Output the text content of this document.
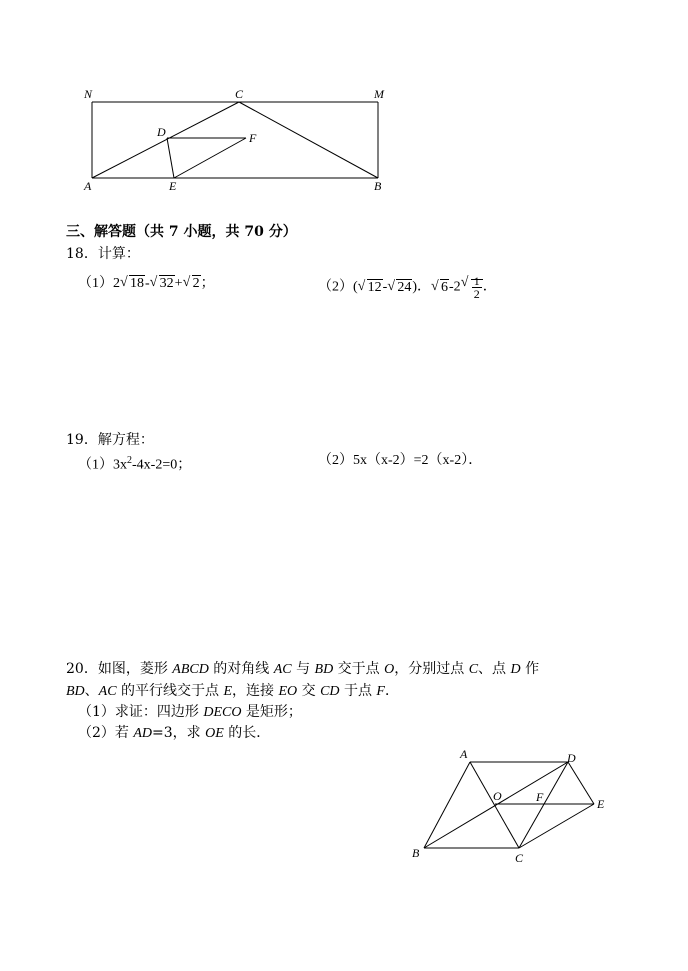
N	C	M
D	F
A	E	B
三、解答题（共 7 小题，共 70 分）
18．计算：
（1）2 √ 18- √ 32+ √ 2；	（2）( √ 12- √ 24)． √ 6-2 √ $\frac{1}{2}$ ．
19．解方程：
$(1)3x^2-4x-2=0$；	（2）5x（x-2）=2（x-2）．
20．如图，菱形 ABCD 的对角线 AC 与 BD 交于点 O，分别过点 C、点 D 作
BD、AC 的平行线交于点 E，连接 EO 交 CD 于点 F．
（1）求证：四边形 DECO 是矩形；
（2）若 AD=3，求 OE 的长．
A	D
O	F	E
B	C
